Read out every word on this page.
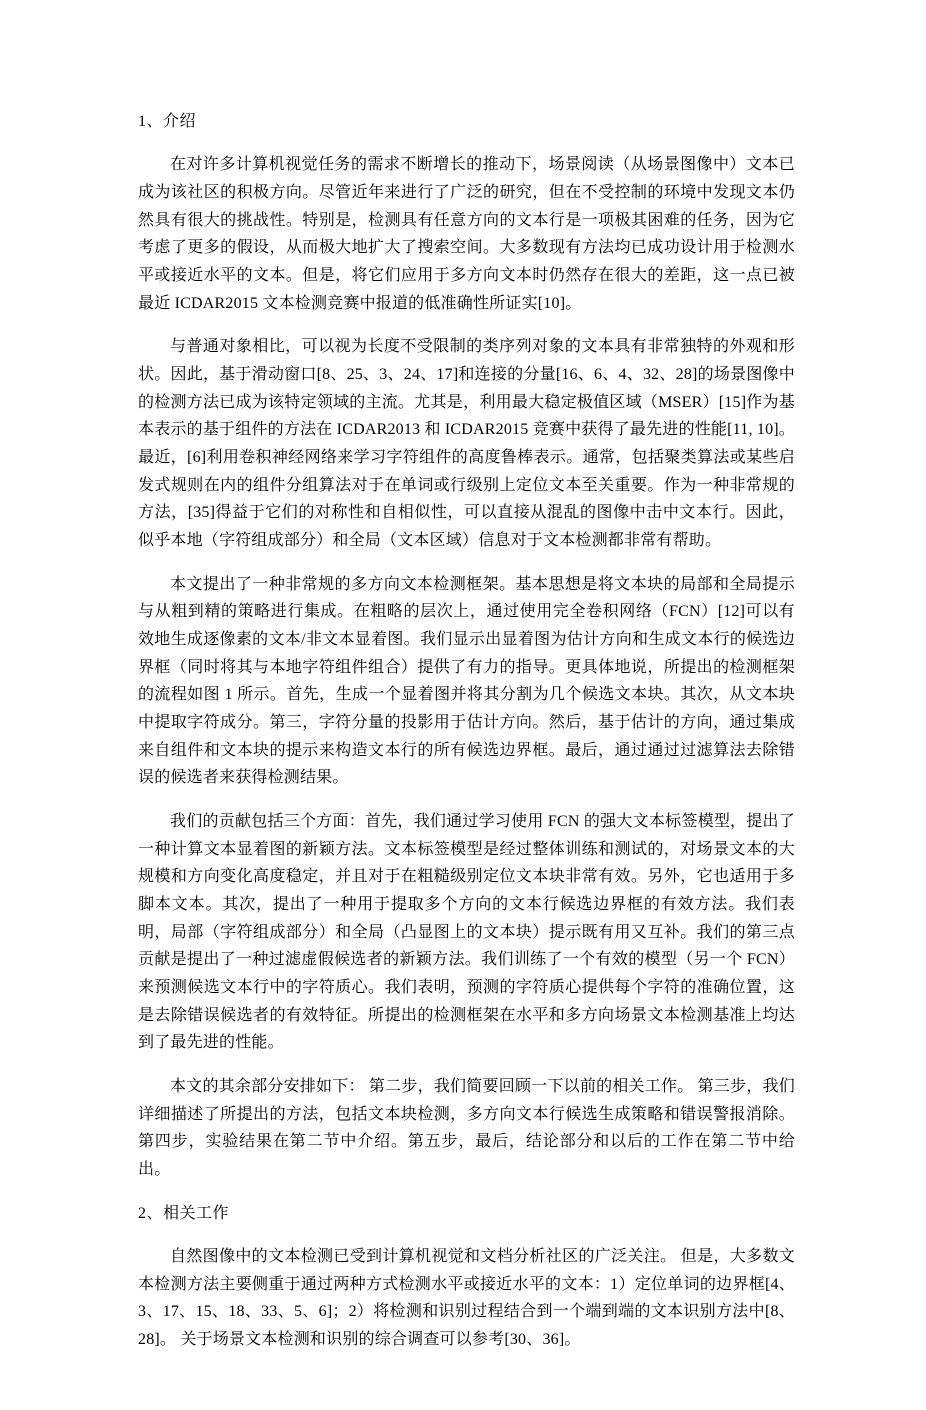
1、介绍

在对许多计算机视觉任务的需求不断增长的推动下，场景阅读（从场景图像中）文本已成为该社区的积极方向。尽管近年来进行了广泛的研究，但在不受控制的环境中发现文本仍然具有很大的挑战性。特别是，检测具有任意方向的文本行是一项极其困难的任务，因为它考虑了更多的假设，从而极大地扩大了搜索空间。大多数现有方法均已成功设计用于检测水平或接近水平的文本。但是，将它们应用于多方向文本时仍然存在很大的差距，这一点已被最近 ICDAR2015 文本检测竞赛中报道的低准确性所证实[10]。

与普通对象相比，可以视为长度不受限制的类序列对象的文本具有非常独特的外观和形状。因此，基于滑动窗口[8、25、3、24、17]和连接的分量[16、6、4、32、28]的场景图像中的检测方法已成为该特定领域的主流。尤其是，利用最大稳定极值区域（MSER）[15]作为基本表示的基于组件的方法在 ICDAR2013 和 ICDAR2015 竞赛中获得了最先进的性能[11, 10]。最近，[6]利用卷积神经网络来学习字符组件的高度鲁棒表示。通常，包括聚类算法或某些启发式规则在内的组件分组算法对于在单词或行级别上定位文本至关重要。作为一种非常规的方法，[35]得益于它们的对称性和自相似性，可以直接从混乱的图像中击中文本行。因此，似乎本地（字符组成部分）和全局（文本区域）信息对于文本检测都非常有帮助。

本文提出了一种非常规的多方向文本检测框架。基本思想是将文本块的局部和全局提示与从粗到精的策略进行集成。在粗略的层次上，通过使用完全卷积网络（FCN）[12]可以有效地生成逐像素的文本/非文本显着图。我们显示出显着图为估计方向和生成文本行的候选边界框（同时将其与本地字符组件组合）提供了有力的指导。更具体地说，所提出的检测框架的流程如图 1 所示。首先，生成一个显着图并将其分割为几个候选文本块。其次，从文本块中提取字符成分。第三，字符分量的投影用于估计方向。然后，基于估计的方向，通过集成来自组件和文本块的提示来构造文本行的所有候选边界框。最后，通过通过过滤算法去除错误的候选者来获得检测结果。

我们的贡献包括三个方面：首先，我们通过学习使用 FCN 的强大文本标签模型，提出了一种计算文本显着图的新颖方法。文本标签模型是经过整体训练和测试的，对场景文本的大规模和方向变化高度稳定，并且对于在粗糙级别定位文本块非常有效。另外，它也适用于多脚本文本。其次，提出了一种用于提取多个方向的文本行候选边界框的有效方法。我们表明，局部（字符组成部分）和全局（凸显图上的文本块）提示既有用又互补。我们的第三点贡献是提出了一种过滤虚假候选者的新颖方法。我们训练了一个有效的模型（另一个 FCN）来预测候选文本行中的字符质心。我们表明，预测的字符质心提供每个字符的准确位置，这是去除错误候选者的有效特征。所提出的检测框架在水平和多方向场景文本检测基准上均达到了最先进的性能。

本文的其余部分安排如下： 第二步，我们简要回顾一下以前的相关工作。 第三步，我们详细描述了所提出的方法，包括文本块检测，多方向文本行候选生成策略和错误警报消除。第四步，实验结果在第二节中介绍。第五步，最后，结论部分和以后的工作在第二节中给出。

2、相关工作

自然图像中的文本检测已受到计算机视觉和文档分析社区的广泛关注。 但是，大多数文本检测方法主要侧重于通过两种方式检测水平或接近水平的文本：1）定位单词的边界框[4、3、17、15、18、33、5、6]；2）将检测和识别过程结合到一个端到端的文本识别方法中[8、28]。 关于场景文本检测和识别的综合调查可以参考[30、36]。
